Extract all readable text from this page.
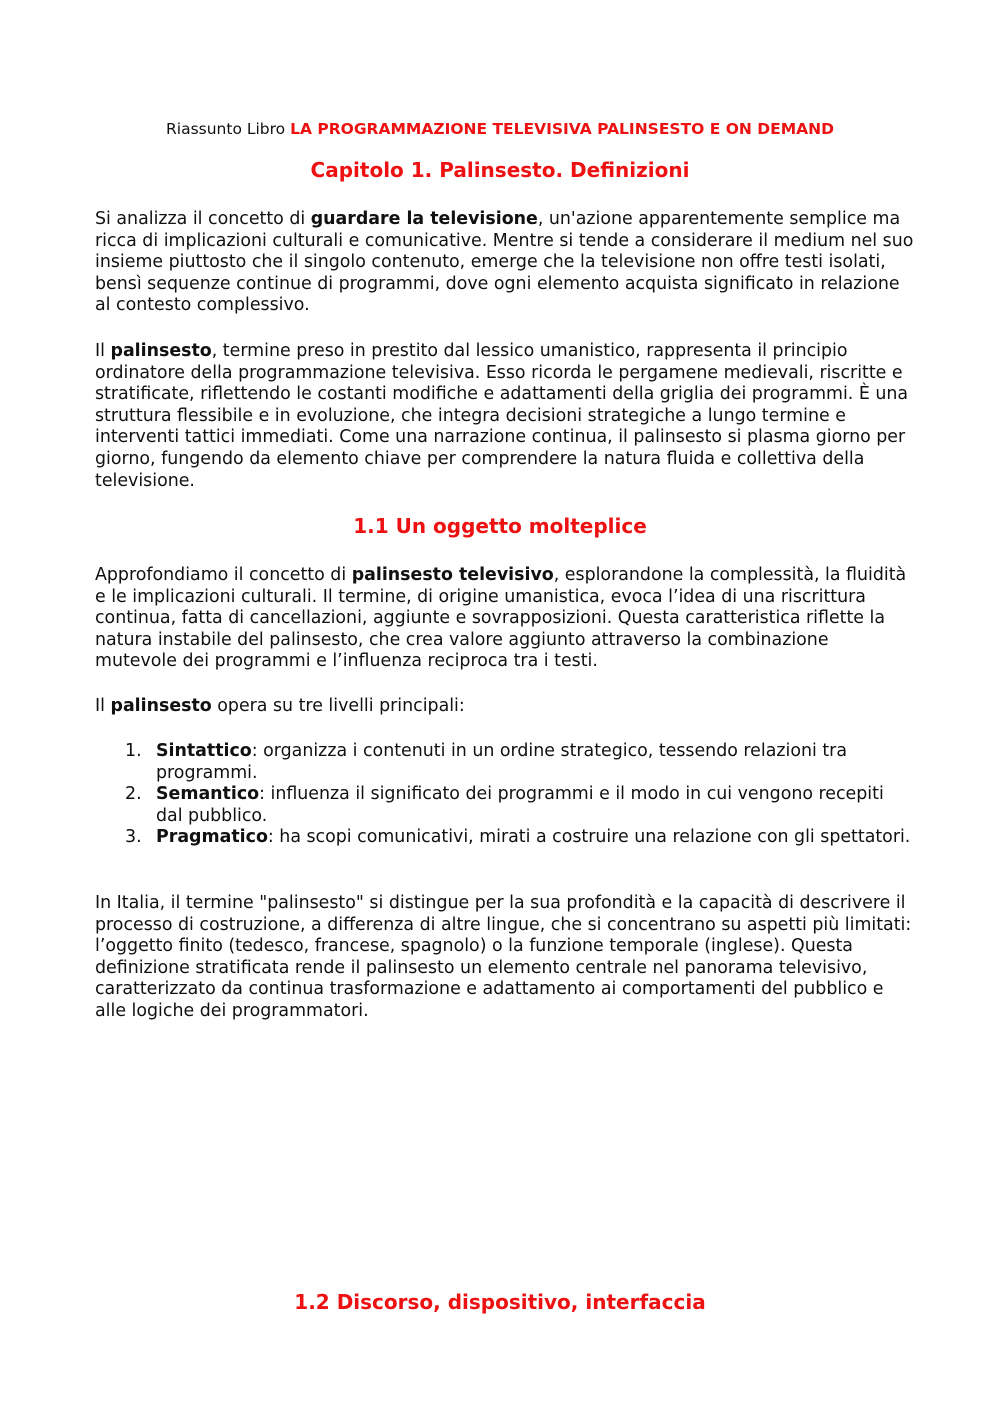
Riassunto Libro LA PROGRAMMAZIONE TELEVISIVA PALINSESTO E ON DEMAND
Capitolo 1. Palinsesto. Definizioni

Si analizza il concetto di guardare la televisione, un'azione apparentemente semplice ma ricca di implicazioni culturali e comunicative. Mentre si tende a considerare il medium nel suo insieme piuttosto che il singolo contenuto, emerge che la televisione non offre testi isolati, bensì sequenze continue di programmi, dove ogni elemento acquista significato in relazione al contesto complessivo.

Il palinsesto, termine preso in prestito dal lessico umanistico, rappresenta il principio ordinatore della programmazione televisiva. Esso ricorda le pergamene medievali, riscritte e stratificate, riflettendo le costanti modifiche e adattamenti della griglia dei programmi. È una struttura flessibile e in evoluzione, che integra decisioni strategiche a lungo termine e interventi tattici immediati. Come una narrazione continua, il palinsesto si plasma giorno per giorno, fungendo da elemento chiave per comprendere la natura fluida e collettiva della televisione.

1.1 Un oggetto molteplice

Approfondiamo il concetto di palinsesto televisivo, esplorandone la complessità, la fluidità e le implicazioni culturali. Il termine, di origine umanistica, evoca l’idea di una riscrittura continua, fatta di cancellazioni, aggiunte e sovrapposizioni. Questa caratteristica riflette la natura instabile del palinsesto, che crea valore aggiunto attraverso la combinazione mutevole dei programmi e l’influenza reciproca tra i testi.

Il palinsesto opera su tre livelli principali:

1. Sintattico: organizza i contenuti in un ordine strategico, tessendo relazioni tra programmi.
2. Semantico: influenza il significato dei programmi e il modo in cui vengono recepiti dal pubblico.
3. Pragmatico: ha scopi comunicativi, mirati a costruire una relazione con gli spettatori.

In Italia, il termine "palinsesto" si distingue per la sua profondità e la capacità di descrivere il processo di costruzione, a differenza di altre lingue, che si concentrano su aspetti più limitati: l’oggetto finito (tedesco, francese, spagnolo) o la funzione temporale (inglese). Questa definizione stratificata rende il palinsesto un elemento centrale nel panorama televisivo, caratterizzato da continua trasformazione e adattamento ai comportamenti del pubblico e alle logiche dei programmatori.

1.2 Discorso, dispositivo, interfaccia
